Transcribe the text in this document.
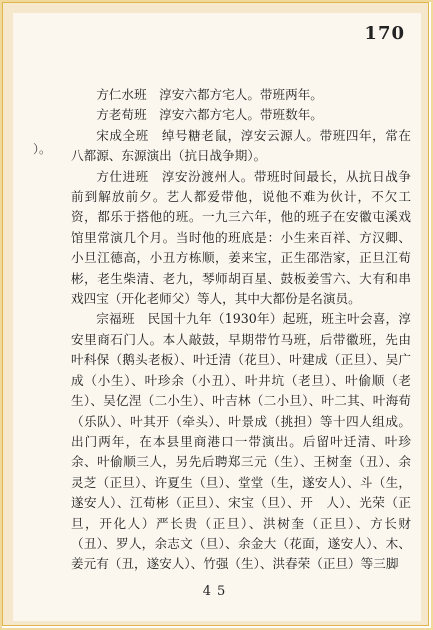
170
）。

方仁水班　淳安六都方宅人。带班两年。

方老荀班　淳安六都方宅人。带班数年。

宋成全班　绰号糖老鼠，淳安云源人。带班四年，常在八都源、东源演出（抗日战争期）。

方仕进班　淳安汾渡州人。带班时间最长，从抗日战争前到解放前夕。艺人都爱带他，说他不难为伙计，不欠工资，都乐于搭他的班。一九三六年，他的班子在安徽屯溪戏馆里常演几个月。当时他的班底是：小生来百祥、方汉卿、小旦江德高，小丑方栋顺，姜来宝，正生邵浩家，正旦江荀彬，老生柴清、老九，琴师胡百星、鼓板姜雪六、大有和串戏四宝（开化老师父）等人，其中大都份是名演员。

宗福班　民国十九年（1930年）起班，班主叶会喜，淳安里商石门人。本人敲鼓，早期带竹马班，后带徽班，先由叶科保（鹅头老板）、叶迁清（花旦）、叶建成（正旦）、吴广成（小生）、叶珍余（小丑）、叶井坑（老旦）、叶偷顺（老生）、吴亿涅（二小生）、叶吉林（二小旦）、叶二其、叶海荀（乐队）、叶其开（牵头）、叶景成（挑担）等十四人组成。出门两年，在本县里商港口一带演出。后留叶迁清、叶珍余、叶偷顺三人，另先后聘郑三元（生）、王树奎（丑）、余灵芝（正旦）、许夏生（旦）、堂堂（生，遂安人）、斗（生，遂安人）、江荀彬（正旦）、宋宝（旦）、开　人）、光荣（正旦，开化人）严长贵（正旦）、洪树奎（正旦）、方长财（丑）、罗人，余志文（旦）、余金大（花面，遂安人）、木、姜元有（丑，遂安人）、竹强（生）、洪春荣（正旦）等三脚

45
